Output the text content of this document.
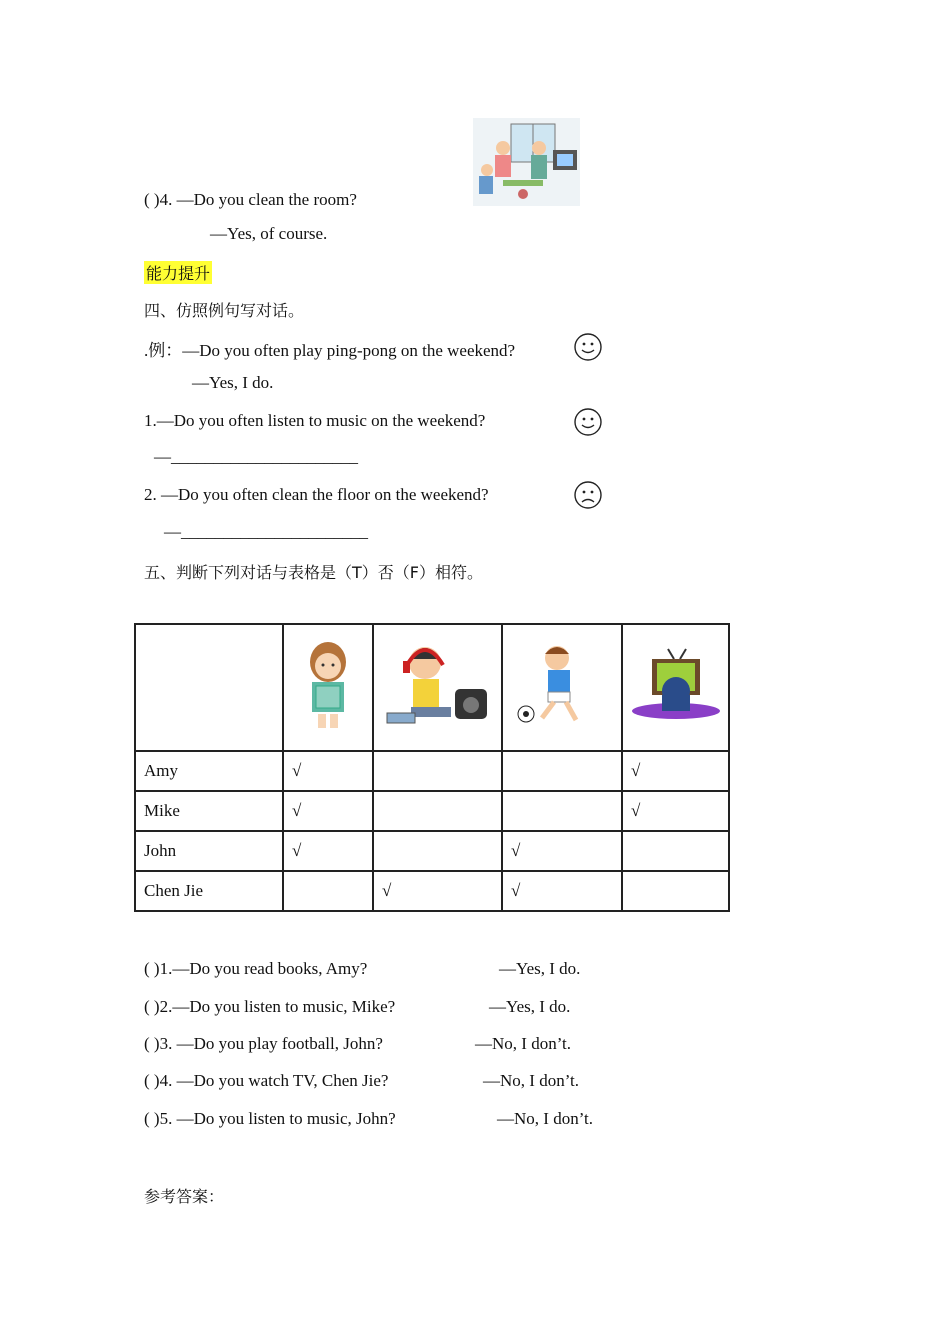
( )4. —Do you clean the room?
—Yes, of course.
能力提升
四、仿照例句写对话。
.例：—Do you often play ping-pong on the weekend?
—Yes, I do.
1.—Do you often listen to music on the weekend?
—______________________
2. —Do you often clean the floor on the weekend?
—______________________
五、判断下列对话与表格是（T）否（F）相符。

Amy	√			√
Mike	√			√
John	√		√	
Chen Jie		√	√	
( )1.—Do you read books, Amy?	—Yes, I do.
( )2.—Do you listen to music, Mike?	—Yes, I do.
( )3. —Do you play football, John?	—No, I don’t.
( )4. —Do you watch TV, Chen Jie?	—No, I don’t.
( )5. —Do you listen to music, John?	—No, I don’t.
参考答案：
